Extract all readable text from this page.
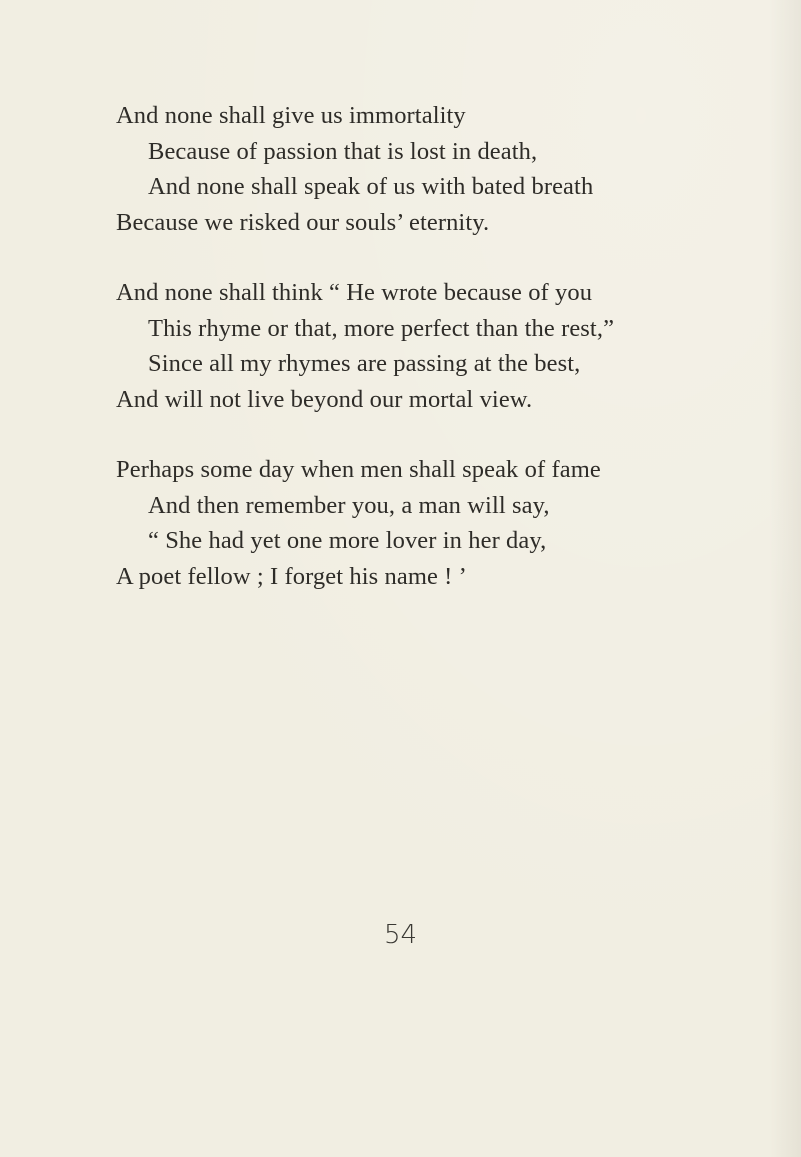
And none shall give us immortality
Because of passion that is lost in death,
And none shall speak of us with bated breath
Because we risked our souls’ eternity.
And none shall think “ He wrote because of you
This rhyme or that, more perfect than the rest,”
Since all my rhymes are passing at the best,
And will not live beyond our mortal view.
Perhaps some day when men shall speak of fame
And then remember you, a man will say,
“ She had yet one more lover in her day,
A poet fellow ; I forget his name ! ’
54
